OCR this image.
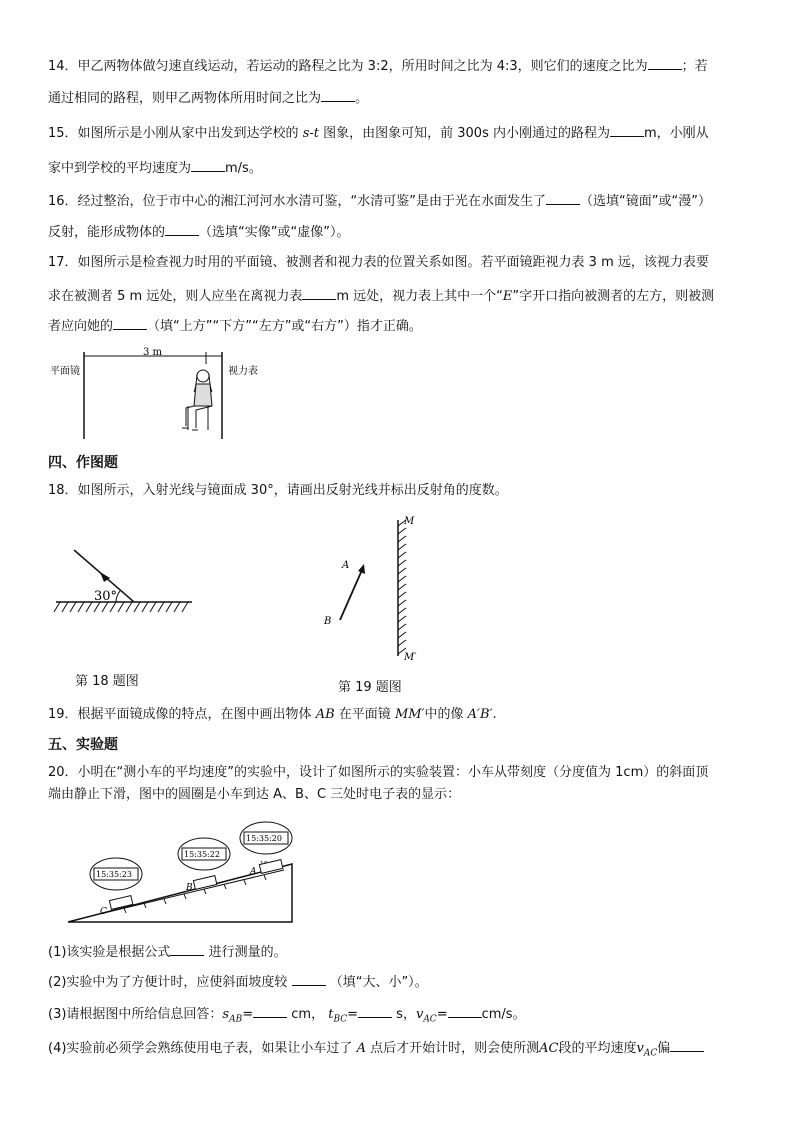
14．甲乙两物体做匀速直线运动，若运动的路程之比为 3:2，所用时间之比为 4:3，则它们的速度之比为	；若
通过相同的路程，则甲乙两物体所用时间之比为	。
15．如图所示是小刚从家中出发到达学校的 s-t 图象，由图象可知，前 300s 内小刚通过的路程为	m，小刚从
家中到学校的平均速度为	m/s。
16．经过整治，位于市中心的湘江河河水水清可鉴，“水清可鉴”是由于光在水面发生了	（选填“镜面”或“漫”）
反射，能形成物体的	（选填“实像”或“虚像”）。
17．如图所示是检查视力时用的平面镜、被测者和视力表的位置关系如图。若平面镜距视力表 3 m 远，该视力表要
求在被测者 5 m 远处，则人应坐在离视力表	m 远处，视力表上其中一个“E”字开口指向被测者的左方，则被测
者应向她的	（填“上方”“下方”“左方”或“右方”）指才正确。
3 m
平面镜	视力表
四、作图题
18．如图所示，入射光线与镜面成 30°，请画出反射光线并标出反射角的度数。
30°
第 18 题图
M
M′
A
B
第 19 题图
19．根据平面镜成像的特点，在图中画出物体 AB 在平面镜 MM′中的像 A′B′.
五、实验题
20．小明在“测小车的平均速度”的实验中，设计了如图所示的实验装置：小车从带刻度（分度值为 1cm）的斜面顶
端由静止下滑，图中的圆圈是小车到达 A、B、C 三处时电子表的显示：
C
B
A
15:35:23
15:35:22
15:35:20
(1)该实验是根据公式	进行测量的。
(2)实验中为了方便计时，应使斜面坡度较	（填“大、小”）。
(3)请根据图中所给信息回答：$s_{AB}=$	cm， $t_{BC}=$	s，$v_{AC}=$	cm/s。
(4)实验前必须学会熟练使用电子表，如果让小车过了 A 点后才开始计时，则会使所测AC段的平均速度$v_{AC}$偏
